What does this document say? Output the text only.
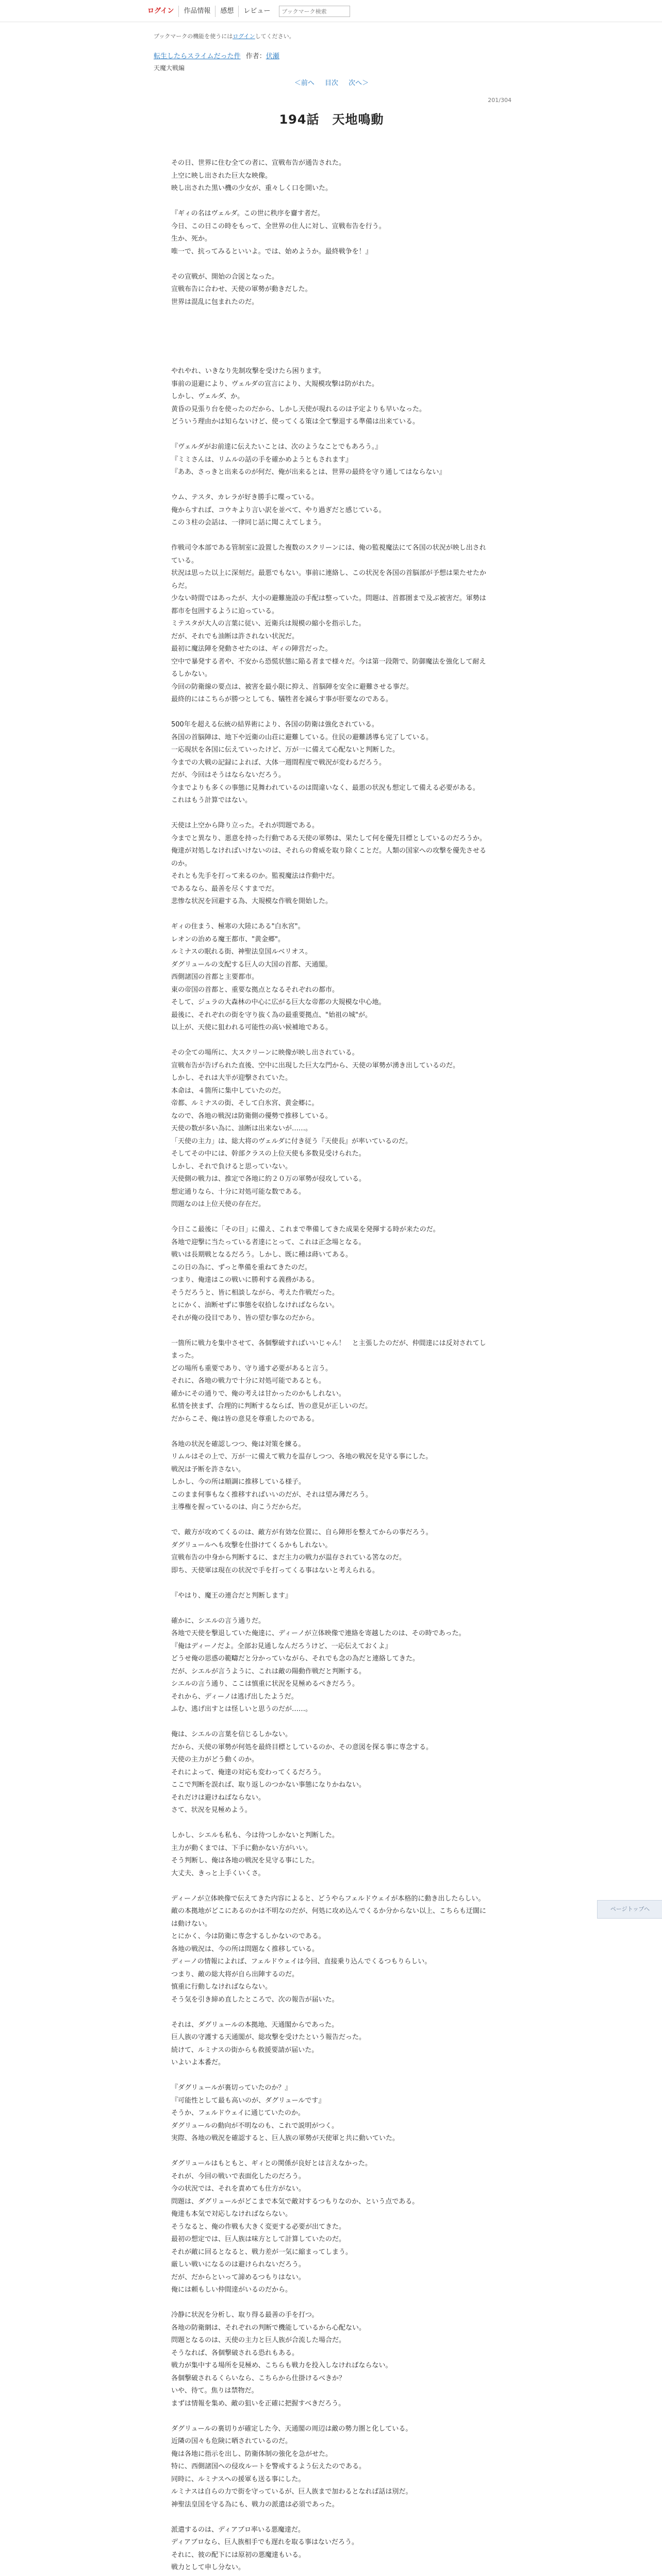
ログイン	作品情報	感想	レビュー
ブックマーク検索
ブックマークの機能を使うにはログインしてください。
転生したらスライムだった件 作者：伏瀬
天魔大戦編
＜前へ 目次 次へ＞
201/304
194話　天地鳴動

その日、世界に住む全ての者に、宣戦布告が通告された。
上空に映し出された巨大な映像。
映し出された黒い機の少女が、重々しく口を開いた。

『ギィの名はヴェルダ。この世に秩序を齎す者だ。
今日、この日この時をもって、全世界の住人に対し、宣戦布告を行う。
生か、死か。
唯一で、抗ってみるといいよ。では、始めようか。最終戦争を！』

その宣戦が、開始の合図となった。
宣戦布告に合わせ、天使の軍勢が動きだした。
世界は混乱に包まれたのだ。

やれやれ、いきなり先制攻撃を受けたら困ります。
事前の退避により、ヴェルダの宣言により、大規模攻撃は防がれた。
しかし、ヴェルダ、か。
黄昏の見張り台を使ったのだから、しかし天使が現れるのは予定よりも早いなった。
どういう理由かは知らないけど、使ってくる策は全て撃退する準備は出来ている。

『ヴェルダがお前達に伝えたいことは、次のようなことでもあろう。』
『ミミさんは、リムルの話の手を確かめようともされます』
『ああ、さっきと出来るのが何だ、俺が出来るとは、世界の最終を守り通してはならない』

ウム、テスタ、カレラが好き勝手に喋っている。
俺からすれば、コウキより言い訳を並べて、やり過ぎだと感じている。
この３柱の会話は、一律同じ話に聞こえてしまう。

作戦司令本部である管制室に設置した複数のスクリーンには、俺の監視魔法にて各国の状況が映し出されている。
状況は思った以上に深刻だ。最悪でもない。事前に連絡し、この状況を各国の首脳部が予想は果たせたからだ。
少ない時間ではあったが、大小の避難施設の手配は整っていた。問題は、首都圏まで及ぶ被害だ。軍勢は都市を包囲するように迫っている。
ミテスタが大人の言葉に従い、近衛兵は規模の縮小を指示した。
だが、それでも油断は許されない状況だ。
最初に魔法陣を発動させたのは、ギィの陣営だった。
空中で暴発する者や、不安から恐慌状態に陥る者まで様々だ。今は第一段階で、防御魔法を強化して耐えるしかない。
今回の防衛線の要点は、被害を最小限に抑え、首脳陣を安全に避難させる事だ。
最終的にはこちらが勝つとしても、犠牲者を減らす事が肝要なのである。

500年を超える伝統の結界術により、各国の防衛は強化されている。
各国の首脳陣は、地下や近衛の山荘に避難している。住民の避難誘導も完了している。
一応現状を各国に伝えていったけど、万が一に備えて心配ないと判断した。
今までの大戦の記録によれば、大体一週間程度で戦況が変わるだろう。
だが、今回はそうはならないだろう。
今までよりも多くの事態に見舞われているのは間違いなく、最悪の状況も想定して備える必要がある。
これはもう計算ではない。

天使は上空から降り立った。それが問題である。
今までと異なり、悪意を持った行動である天使の軍勢は、果たして何を優先目標としているのだろうか。
俺達が対処しなければいけないのは、それらの脅威を取り除くことだ。人類の国家への攻撃を優先させるのか。
それとも先手を打って来るのか。監視魔法は作動中だ。
であるなら、最善を尽くすまでだ。
悲惨な状況を回避する為、大規模な作戦を開始した。

ギィの住まう、極寒の大陸にある"白氷宮"。
レオンの治める魔王都市、"黄金郷"。
ルミナスの眠れる街、神聖法皇国ルベリオス。
ダグリュールの支配する巨人の大国の首都、天通閣。
西側諸国の首都と主要都市。
東の帝国の首都と、重要な拠点となるそれぞれの都市。
そして、ジュラの大森林の中心に広がる巨大な帝都の大規模な中心地。
最後に、それぞれの街を守り抜く為の最重要拠点、"始祖の城"が。
以上が、天使に狙われる可能性の高い候補地である。

その全ての場所に、大スクリーンに映像が映し出されている。
宣戦布告が告げられた直後、空中に出現した巨大な門から、天使の軍勢が湧き出しているのだ。
しかし、それは大半が迎撃されていた。
本命は、４箇所に集中していたのだ。
帝都、ルミナスの街、そして白氷宮、黄金郷に。
なので、各地の戦況は防衛側の優勢で推移している。
天使の数が多い為に、油断は出来ないが……。
「天使の主力」は、総大将のヴェルダに付き従う『天使長』が率いているのだ。
そしてその中には、幹部クラスの上位天使も多数見受けられた。
しかし、それで負けると思っていない。
天使側の戦力は、推定で各地に約２０万の軍勢が侵攻している。
想定通りなら、十分に対処可能な数である。
問題なのは上位天使の存在だ。

今日ここ最後に「その日」に備え、これまで準備してきた成果を発揮する時が来たのだ。
各地で迎撃に当たっている者達にとって、これは正念場となる。
戦いは長期戦となるだろう。しかし、既に種は蒔いてある。
この日の為に、ずっと準備を重ねてきたのだ。
つまり、俺達はこの戦いに勝利する義務がある。
そうだろうと、皆に相談しながら、考えた作戦だった。
とにかく、油断せずに事態を収拾しなければならない。
それが俺の役目であり、皆の望む事なのだから。

一箇所に戦力を集中させて、各個撃破すればいいじゃん！　と主張したのだが、仲間達には反対されてしまった。
どの場所も重要であり、守り通す必要があると言う。
それに、各地の戦力で十分に対処可能であるとも。
確かにその通りで、俺の考えは甘かったのかもしれない。
私情を挟まず、合理的に判断するならば、皆の意見が正しいのだ。
だからこそ、俺は皆の意見を尊重したのである。

各地の状況を確認しつつ、俺は対策を練る。
リムルはその上で、万が一に備えて戦力を温存しつつ、各地の戦況を見守る事にした。
戦況は予断を許さない。
しかし、今の所は順調に推移している様子。
このまま何事もなく推移すればいいのだが、それは望み薄だろう。
主導権を握っているのは、向こうだからだ。

で、敵方が攻めてくるのは、敵方が有効な位置に、自ら陣形を整えてからの事だろう。
ダグリュールへも攻撃を仕掛けてくるかもしれない。
宣戦布告の中身から判断するに、まだ主力の戦力が温存されている筈なのだ。
即ち、天使軍は現在の状況で手を打ってくる事はないと考えられる。

『やはり、魔王の連合だと判断します』

確かに、シエルの言う通りだ。
各地で天使を撃退していた俺達に、ディーノが立体映像で連絡を寄越したのは、その時であった。
『俺はディーノだよ。全部お見通しなんだろうけど、一応伝えておくよ』
どうせ俺の思惑の範疇だと分かっていながら、それでも念の為だと連絡してきた。
だが、シエルが言うように、これは敵の陽動作戦だと判断する。
シエルの言う通り、ここは慎重に状況を見極めるべきだろう。
それから、ディーノは逃げ出したようだ。
ふむ、逃げ出すとは怪しいと思うのだが……。

俺は、シエルの言葉を信じるしかない。
だから、天使の軍勢が何処を最終目標としているのか、その意図を探る事に専念する。
天使の主力がどう動くのか。
それによって、俺達の対応も変わってくるだろう。
ここで判断を誤れば、取り返しのつかない事態になりかねない。
それだけは避けねばならない。
さて、状況を見極めよう。

しかし、シエルも私も、今は待つしかないと判断した。
主力が動くまでは、下手に動かない方がいい。
そう判断し、俺は各地の戦況を見守る事にした。
大丈夫、きっと上手くいくさ。

ディーノが立体映像で伝えてきた内容によると、どうやらフェルドウェイが本格的に動き出したらしい。
敵の本拠地がどこにあるのかは不明なのだが、何処に攻め込んでくるか分からない以上、こちらも迂闊には動けない。
とにかく、今は防衛に専念するしかないのである。
各地の戦況は、今の所は問題なく推移している。
ディーノの情報によれば、フェルドウェイは今回、直接乗り込んでくるつもりらしい。
つまり、敵の総大将が自ら出陣するのだ。
慎重に行動しなければならない。
そう気を引き締め直したところで、次の報告が届いた。

それは、ダグリュールの本拠地、天通閣からであった。
巨人族の守護する天通閣が、総攻撃を受けたという報告だった。
続けて、ルミナスの街からも救援要請が届いた。
いよいよ本番だ。

『ダグリュールが裏切っていたのか？』
『可能性として最も高いのが、ダグリュールです』
そうか、フェルドウェイに通じていたのか。
ダグリュールの動向が不明なのも、これで説明がつく。
実際、各地の戦況を確認すると、巨人族の軍勢が天使軍と共に動いていた。

ダグリュールはもともと、ギィとの関係が良好とは言えなかった。
それが、今回の戦いで表面化したのだろう。
今の状況では、それを責めても仕方がない。
問題は、ダグリュールがどこまで本気で敵対するつもりなのか、という点である。
俺達も本気で対応しなければならない。
そうなると、俺の作戦も大きく変更する必要が出てきた。
最初の想定では、巨人族は味方として計算していたのだ。
それが敵に回るとなると、戦力差が一気に縮まってしまう。
厳しい戦いになるのは避けられないだろう。
だが、だからといって諦めるつもりはない。
俺には頼もしい仲間達がいるのだから。

冷静に状況を分析し、取り得る最善の手を打つ。
各地の防衛網は、それぞれの判断で機能しているから心配ない。
問題となるのは、天使の主力と巨人族が合流した場合だ。
そうなれば、各個撃破される恐れもある。
戦力が集中する場所を見極め、こちらも戦力を投入しなければならない。
各個撃破されるくらいなら、こちらから仕掛けるべきか？
いや、待て。焦りは禁物だ。
まずは情報を集め、敵の狙いを正確に把握すべきだろう。

ダグリュールの裏切りが確定した今、天通閣の周辺は敵の勢力圏と化している。
近隣の国々も危険に晒されているのだ。
俺は各地に指示を出し、防衛体制の強化を急がせた。
特に、西側諸国への侵攻ルートを警戒するよう伝えたのである。
同時に、ルミナスへの援軍も送る事にした。
ルミナスは自らの力で街を守っているが、巨人族まで加わるとなれば話は別だ。
神聖法皇国を守る為にも、戦力の派遣は必須であった。

派遣するのは、ディアブロ率いる悪魔達だ。
ディアブロなら、巨人族相手でも遅れを取る事はないだろう。
それに、彼の配下には原初の悪魔達もいる。
戦力として申し分ない。

ページトップへ
